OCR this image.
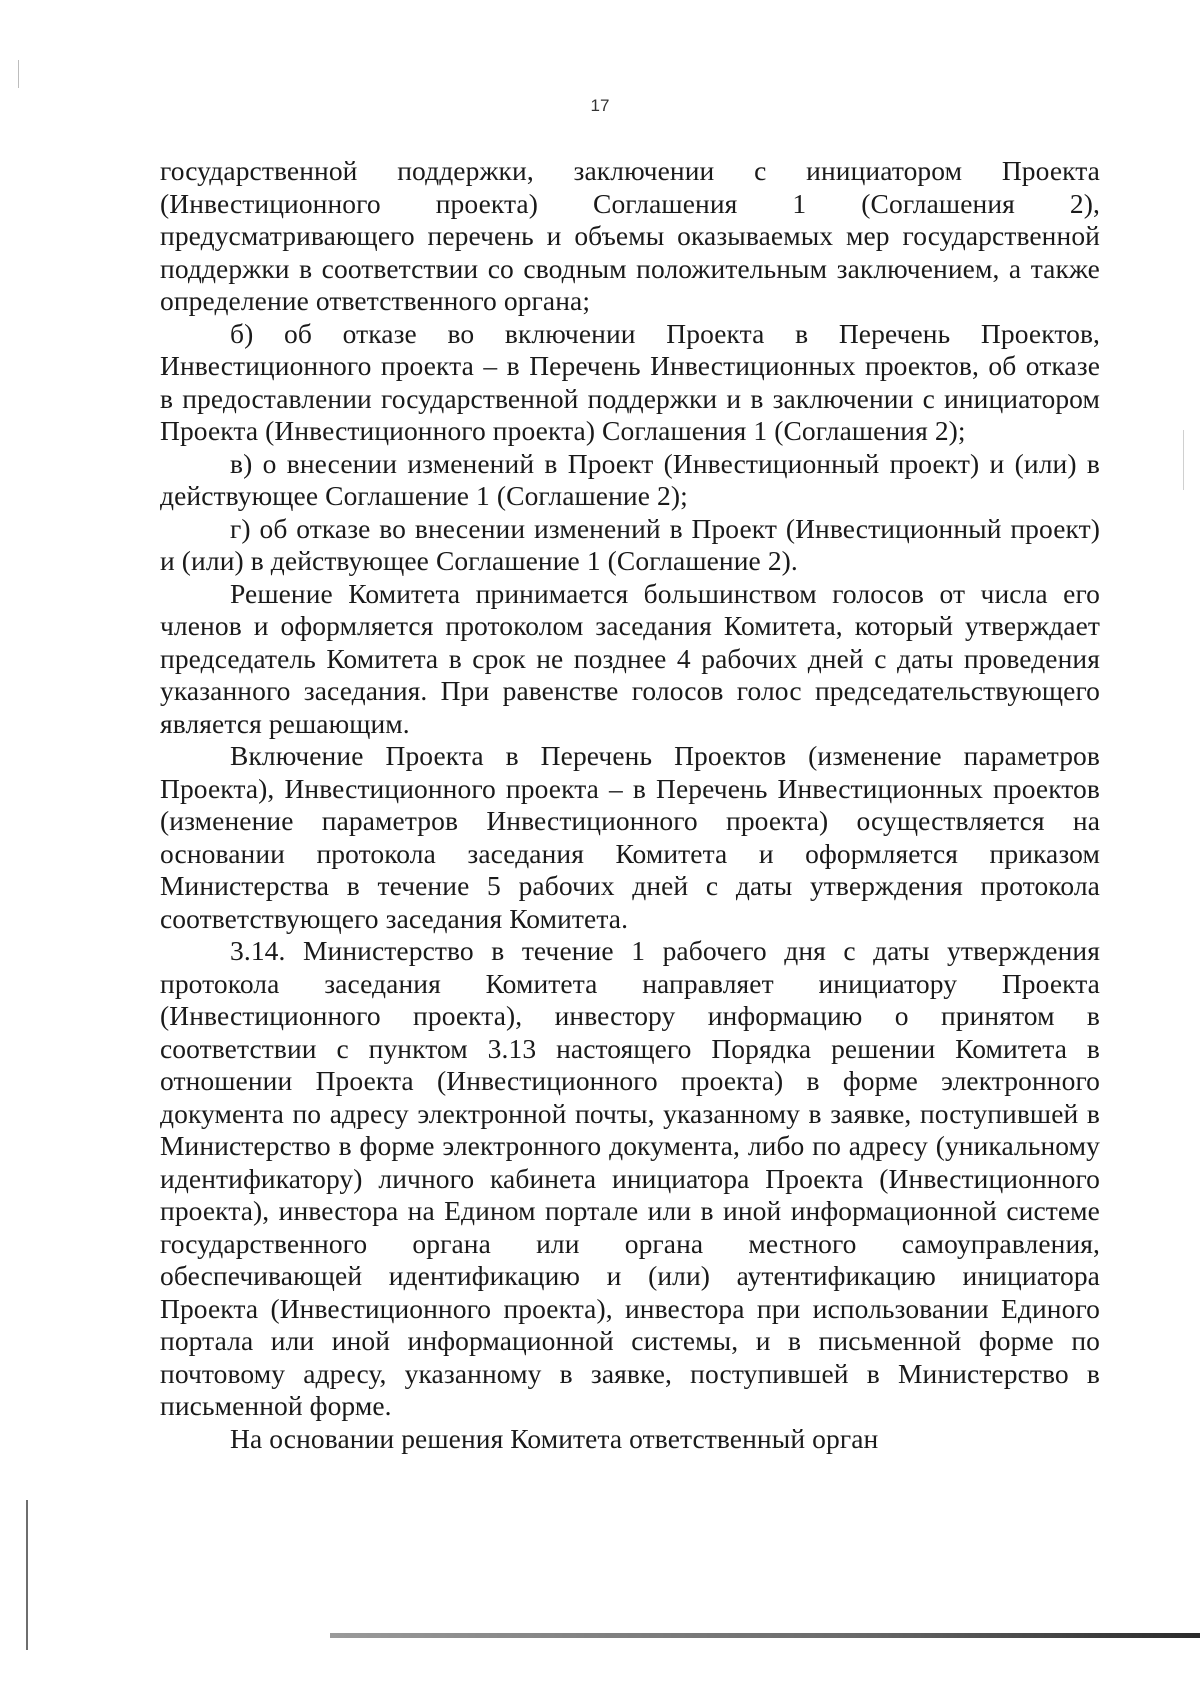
17

государственной поддержки, заключении с инициатором Проекта (Инвестиционного проекта) Соглашения 1 (Соглашения 2), предусматривающего перечень и объемы оказываемых мер государственной поддержки в соответствии со сводным положительным заключением, а также определение ответственного органа;

б) об отказе во включении Проекта в Перечень Проектов, Инвестиционного проекта – в Перечень Инвестиционных проектов, об отказе в предоставлении государственной поддержки и в заключении с инициатором Проекта (Инвестиционного проекта) Соглашения 1 (Соглашения 2);

в) о внесении изменений в Проект (Инвестиционный проект) и (или) в действующее Соглашение 1 (Соглашение 2);

г) об отказе во внесении изменений в Проект (Инвестиционный проект) и (или) в действующее Соглашение 1 (Соглашение 2).

Решение Комитета принимается большинством голосов от числа его членов и оформляется протоколом заседания Комитета, который утверждает председатель Комитета в срок не позднее 4 рабочих дней с даты проведения указанного заседания. При равенстве голосов голос председательствующего является решающим.

Включение Проекта в Перечень Проектов (изменение параметров Проекта), Инвестиционного проекта – в Перечень Инвестиционных проектов (изменение параметров Инвестиционного проекта) осуществляется на основании протокола заседания Комитета и оформляется приказом Министерства в течение 5 рабочих дней с даты утверждения протокола соответствующего заседания Комитета.

3.14. Министерство в течение 1 рабочего дня с даты утверждения протокола заседания Комитета направляет инициатору Проекта (Инвестиционного проекта), инвестору информацию о принятом в соответствии с пунктом 3.13 настоящего Порядка решении Комитета в отношении Проекта (Инвестиционного проекта) в форме электронного документа по адресу электронной почты, указанному в заявке, поступившей в Министерство в форме электронного документа, либо по адресу (уникальному идентификатору) личного кабинета инициатора Проекта (Инвестиционного проекта), инвестора на Едином портале или в иной информационной системе государственного органа или органа местного самоуправления, обеспечивающей идентификацию и (или) аутентификацию инициатора Проекта (Инвестиционного проекта), инвестора при использовании Единого портала или иной информационной системы, и в письменной форме по почтовому адресу, указанному в заявке, поступившей в Министерство в письменной форме.

На основании решения Комитета ответственный орган
